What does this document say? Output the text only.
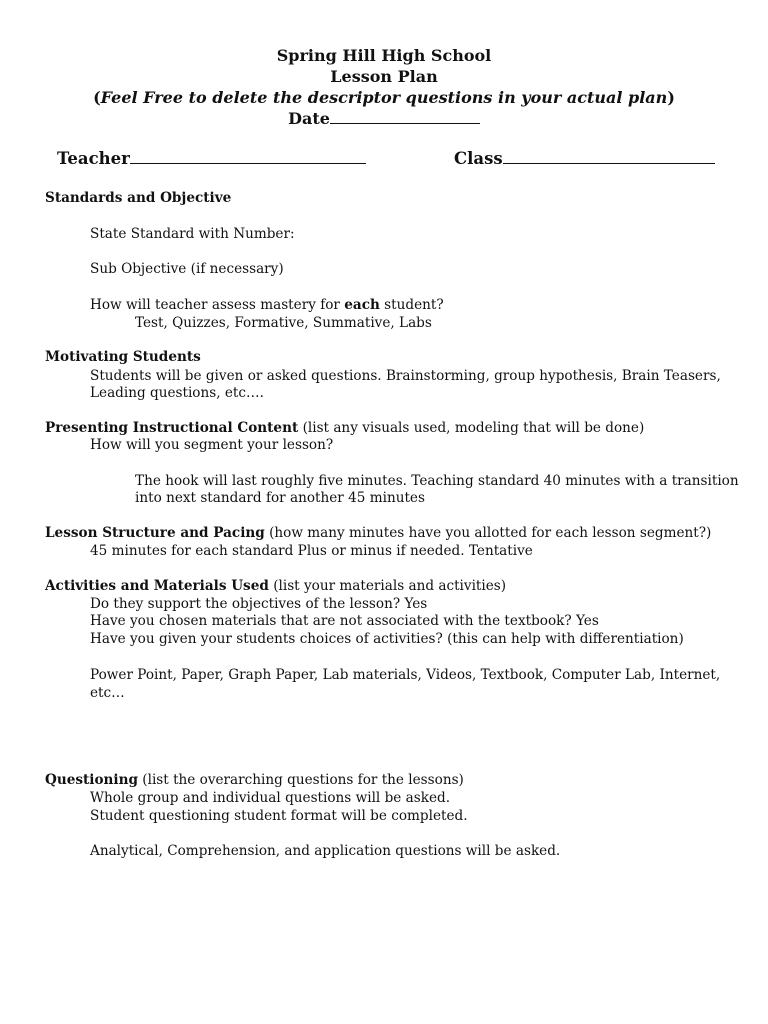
Spring Hill High School
Lesson Plan
(Feel Free to delete the descriptor questions in your actual plan)
Date
Teacher	Class
Standards and Objective
State Standard with Number:
Sub Objective (if necessary)
How will teacher assess mastery for each student?
Test, Quizzes, Formative, Summative, Labs
Motivating Students
Students will be given or asked questions. Brainstorming, group hypothesis, Brain Teasers,
Leading questions, etc….
Presenting Instructional Content (list any visuals used, modeling that will be done)
How will you segment your lesson?
The hook will last roughly five minutes. Teaching standard 40 minutes with a transition
into next standard for another 45 minutes
Lesson Structure and Pacing (how many minutes have you allotted for each lesson segment?)
45 minutes for each standard Plus or minus if needed. Tentative
Activities and Materials Used (list your materials and activities)
Do they support the objectives of the lesson? Yes
Have you chosen materials that are not associated with the textbook? Yes
Have you given your students choices of activities? (this can help with differentiation)
Power Point, Paper, Graph Paper, Lab materials, Videos, Textbook, Computer Lab, Internet,
etc…
Questioning (list the overarching questions for the lessons)
Whole group and individual questions will be asked.
Student questioning student format will be completed.
Analytical, Comprehension, and application questions will be asked.
